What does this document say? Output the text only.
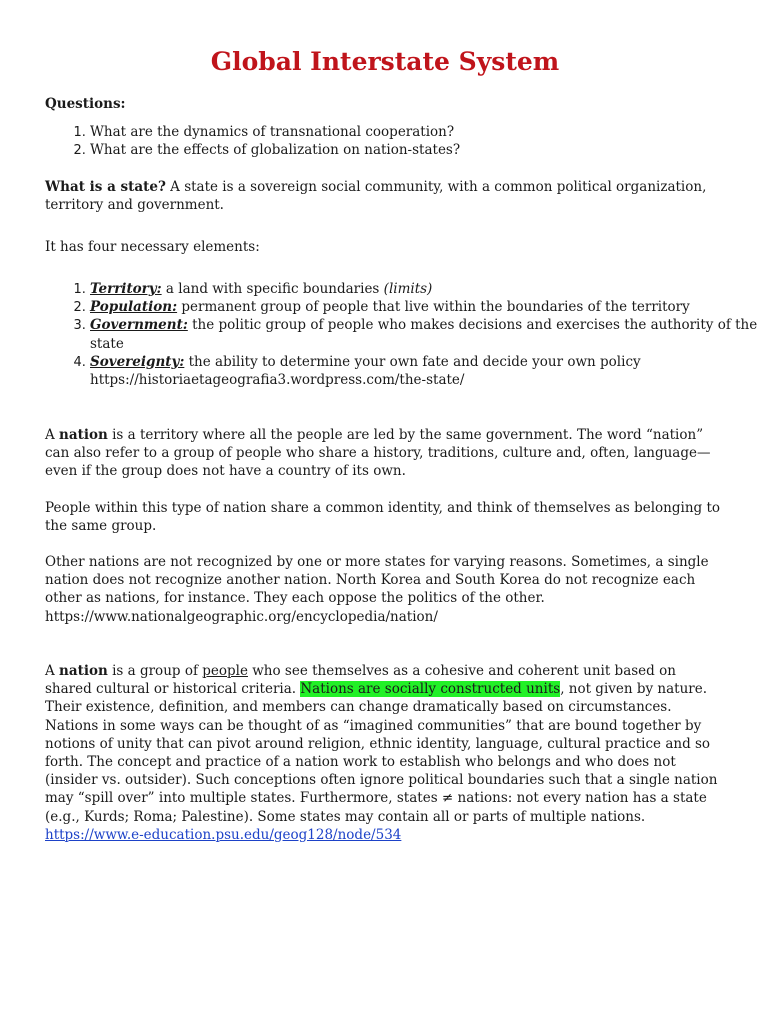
Global Interstate System

Questions:

1. What are the dynamics of transnational cooperation?
2. What are the effects of globalization on nation-states?

What is a state? A state is a sovereign social community, with a common political organization, territory and government.

It has four necessary elements:

1. Territory: a land with specific boundaries (limits)
2. Population: permanent group of people that live within the boundaries of the territory
3. Government: the politic group of people who makes decisions and exercises the authority of the state
4. Sovereignty: the ability to determine your own fate and decide your own policy
https://historiaetageografia3.wordpress.com/the-state/

A nation is a territory where all the people are led by the same government. The word “nation” can also refer to a group of people who share a history, traditions, culture and, often, language—even if the group does not have a country of its own.

People within this type of nation share a common identity, and think of themselves as belonging to the same group.

Other nations are not recognized by one or more states for varying reasons. Sometimes, a single nation does not recognize another nation. North Korea and South Korea do not recognize each other as nations, for instance. They each oppose the politics of the other.
https://www.nationalgeographic.org/encyclopedia/nation/

A nation is a group of people who see themselves as a cohesive and coherent unit based on shared cultural or historical criteria. Nations are socially constructed units, not given by nature. Their existence, definition, and members can change dramatically based on circumstances. Nations in some ways can be thought of as “imagined communities” that are bound together by notions of unity that can pivot around religion, ethnic identity, language, cultural practice and so forth. The concept and practice of a nation work to establish who belongs and who does not (insider vs. outsider). Such conceptions often ignore political boundaries such that a single nation may “spill over” into multiple states. Furthermore, states ≠ nations: not every nation has a state (e.g., Kurds; Roma; Palestine). Some states may contain all or parts of multiple nations.
https://www.e-education.psu.edu/geog128/node/534
